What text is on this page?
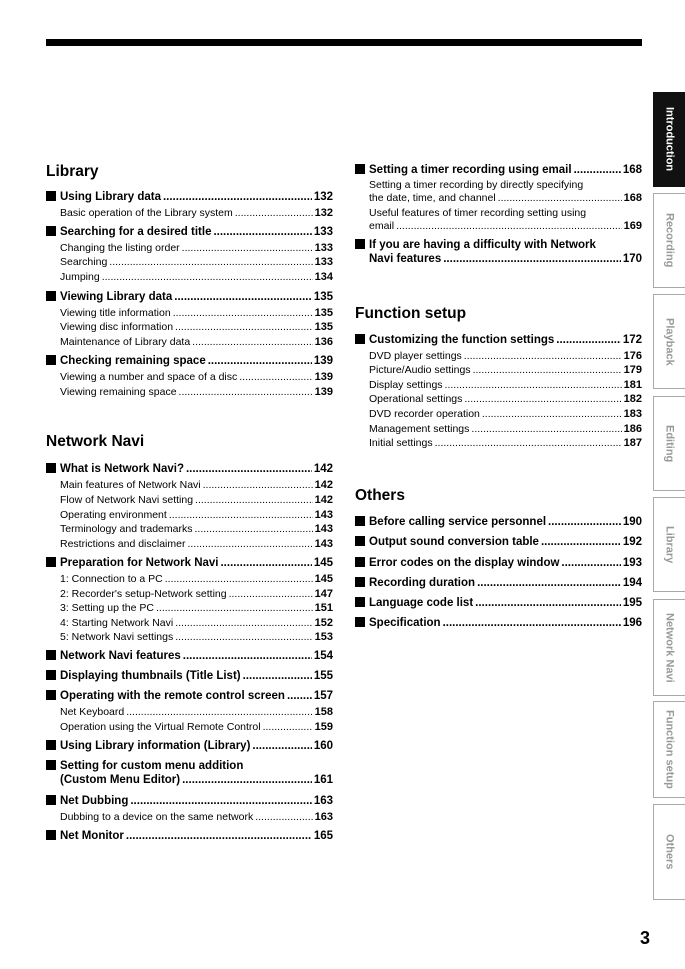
Library
Using Library data .....	132
Basic operation of the Library system .....	132
Searching for a desired title .....	133
Changing the listing order .....	133
Searching .....	133
Jumping .....	134
Viewing Library data .....	135
Viewing title information .....	135
Viewing disc information .....	135
Maintenance of Library data .....	136
Checking remaining space .....	139
Viewing a number and space of a disc .....	139
Viewing remaining space .....	139
Network Navi
What is Network Navi? .....	142
Main features of Network Navi .....	142
Flow of Network Navi setting .....	142
Operating environment .....	143
Terminology and trademarks .....	143
Restrictions and disclaimer .....	143
Preparation for Network Navi .....	145
1: Connection to a PC .....	145
2: Recorder's setup-Network setting .....	147
3: Setting up the PC .....	151
4: Starting Network Navi .....	152
5: Network Navi settings .....	153
Network Navi features .....	154
Displaying thumbnails (Title List) .....	155
Operating with the remote control screen .....	157
Net Keyboard .....	158
Operation using the Virtual Remote Control .....	159
Using Library information (Library) .....	160
Setting for custom menu addition
(Custom Menu Editor) .....	161
Net Dubbing .....	163
Dubbing to a device on the same network .....	163
Net Monitor .....	165
Setting a timer recording using email .....	168
Setting a timer recording by directly specifying
the date, time, and channel .....	168
Useful features of timer recording setting using
email .....	169
If you are having a difficulty with Network
Navi features .....	170
Function setup
Customizing the function settings .....	172
DVD player settings .....	176
Picture/Audio settings .....	179
Display settings .....	181
Operational settings .....	182
DVD recorder operation .....	183
Management settings .....	186
Initial settings .....	187
Others
Before calling service personnel .....	190
Output sound conversion table .....	192
Error codes on the display window .....	193
Recording duration .....	194
Language code list .....	195
Specification .....	196
Introduction
Recording
Playback
Editing
Library
Network Navi
Function setup
Others
3
